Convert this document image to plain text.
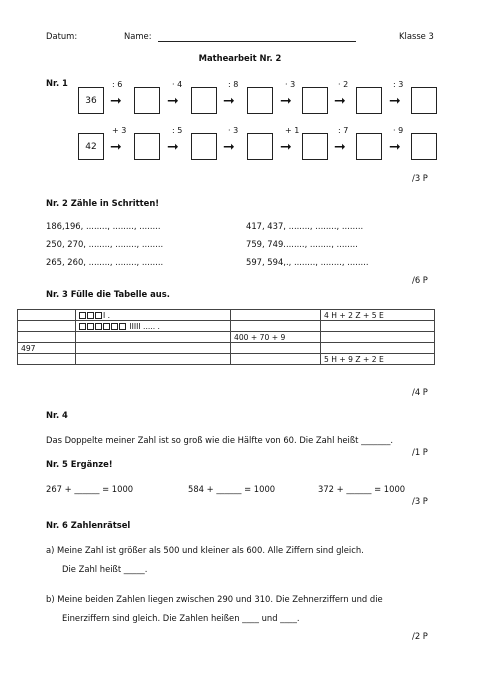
Datum:	Name:	Klasse 3
Mathearbeit Nr. 2
Nr. 1
36
: 6
➞
· 4
➞
: 8
➞
· 3
➞
· 2
➞
: 3
➞
42
+ 3
➞
: 5
➞
· 3
➞
+ 1
➞
: 7
➞
· 9
➞
/3 P
Nr. 2 Zähle in Schritten!
186,196, ........, ........, ........
250, 270, ........, ........, ........
265, 260, ........, ........, ........
417, 437, ........, ........, ........
759, 749........, ........, ........
597, 594,., ........, ........, ........
/6 P
Nr. 3 Fülle die Tabelle aus.
	I .		4 H + 2 Z + 5 E
	IIIII ..... .		
		400 + 70 + 9	
497			
			5 H + 9 Z + 2 E
/4 P
Nr. 4
Das Doppelte meiner Zahl ist so groß wie die Hälfte von 60. Die Zahl heißt _______.
/1 P
Nr. 5 Ergänze!
267 + ______ = 1000	584 + ______ = 1000	372 + ______ = 1000
/3 P
Nr. 6 Zahlenrätsel
a) Meine Zahl ist größer als 500 und kleiner als 600. Alle Ziffern sind gleich.
Die Zahl heißt _____.
b) Meine beiden Zahlen liegen zwischen 290 und 310. Die Zehnerziffern und die
Einerziffern sind gleich. Die Zahlen heißen ____ und ____.
/2 P
